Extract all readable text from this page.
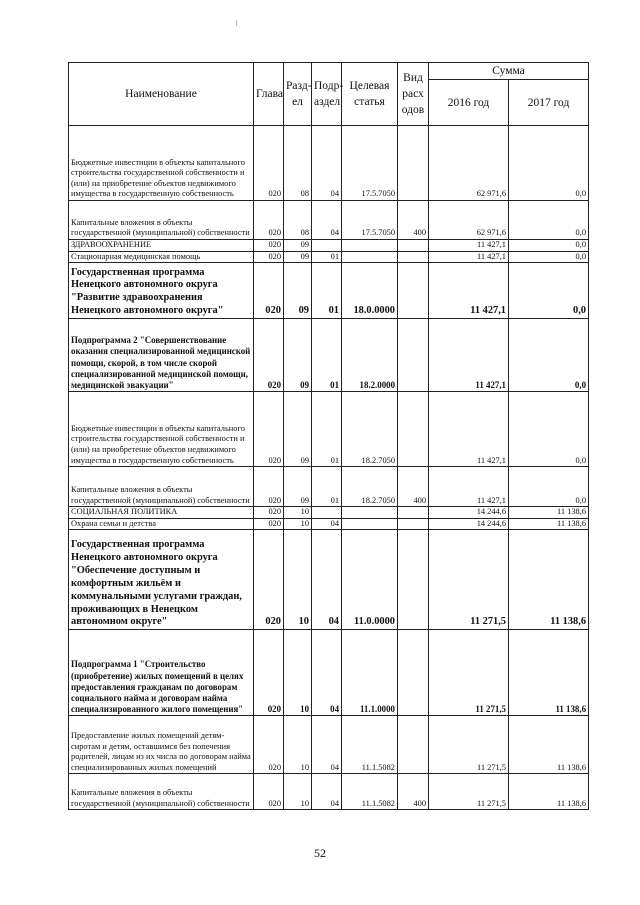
Наименование	Глава	Раздел	Подраздел	Целевая статья	Вид расх одов	Сумма	
						2016 год	2017 год
Бюджетные инвестиции в объекты капитального строительства государственной собственности и (или) на приобретение объектов недвижимого имущества в государственную собственность	020	08	04	17.5.7050		62 971,6	0,0
Капитальные вложения в объекты государственной (муниципальной) собственности	020	08	04	17.5.7050	400	62 971,6	0,0
ЗДРАВООХРАНЕНИЕ	020	09				11 427,1	0,0
Стационарная медицинская помощь	020	09	01			11 427,1	0,0
Государственная программа Ненецкого автономного округа "Развитие здравоохранения Ненецкого автономного округа"	020	09	01	18.0.0000		11 427,1	0,0
Подпрограмма 2 "Совершенствование оказания специализированной медицинской помощи, скорой, в том числе скорой специализированной медицинской помощи, медицинской эвакуации"	020	09	01	18.2.0000		11 427,1	0,0
Бюджетные инвестиции в объекты капитального строительства государственной собственности и (или) на приобретение объектов недвижимого имущества в государственную собственность	020	09	01	18.2.7050		11 427,1	0,0
Капитальные вложения в объекты государственной (муниципальной) собственности	020	09	01	18.2.7050	400	11 427,1	0,0
СОЦИАЛЬНАЯ ПОЛИТИКА	020	10				14 244,6	11 138,6
Охрана семьи и детства	020	10	04			14 244,6	11 138,6
Государственная программа Ненецкого автономного округа "Обеспечение доступным и комфортным жильём и коммунальными услугами граждан, проживающих в Ненецком автономном округе"	020	10	04	11.0.0000		11 271,5	11 138,6
Подпрограмма 1 "Строительство (приобретение) жилых помещений в целях предоставления гражданам по договорам социального найма и договорам найма специализированного жилого помещения"	020	10	04	11.1.0000		11 271,5	11 138,6
Предоставление жилых помещений детям-сиротам и детям, оставшимся без попечения родителей, лицам из их числа по договорам найма специализированных жилых помещений	020	10	04	11.1.5082		11 271,5	11 138,6
Капитальные вложения в объекты государственной (муниципальной) собственности	020	10	04	11.1.5082	400	11 271,5	11 138,6
52
